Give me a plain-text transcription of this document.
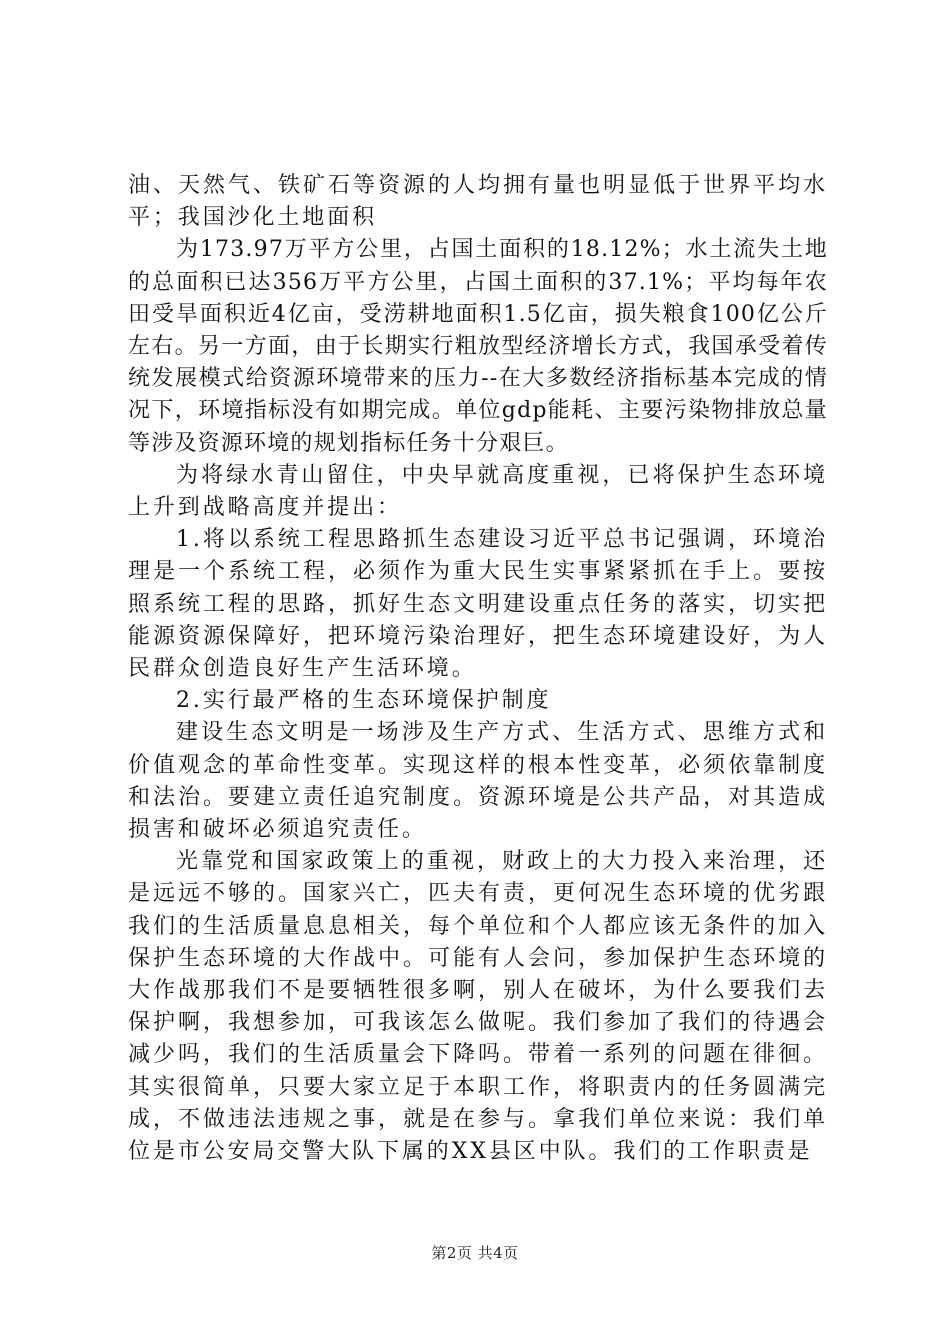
油、天然气、铁矿石等资源的人均拥有量也明显低于世界平均水平；我国沙化土地面积

为173.97万平方公里，占国土面积的18.12%；水土流失土地的总面积已达356万平方公里，占国土面积的37.1%；平均每年农田受旱面积近4亿亩，受涝耕地面积1.5亿亩，损失粮食100亿公斤左右。另一方面，由于长期实行粗放型经济增长方式，我国承受着传统发展模式给资源环境带来的压力--在大多数经济指标基本完成的情况下，环境指标没有如期完成。单位gdp能耗、主要污染物排放总量等涉及资源环境的规划指标任务十分艰巨。

为将绿水青山留住，中央早就高度重视，已将保护生态环境上升到战略高度并提出：

1.将以系统工程思路抓生态建设习近平总书记强调，环境治理是一个系统工程，必须作为重大民生实事紧紧抓在手上。要按照系统工程的思路，抓好生态文明建设重点任务的落实，切实把能源资源保障好，把环境污染治理好，把生态环境建设好，为人民群众创造良好生产生活环境。

2.实行最严格的生态环境保护制度

建设生态文明是一场涉及生产方式、生活方式、思维方式和价值观念的革命性变革。实现这样的根本性变革，必须依靠制度和法治。要建立责任追究制度。资源环境是公共产品，对其造成损害和破坏必须追究责任。

光靠党和国家政策上的重视，财政上的大力投入来治理，还是远远不够的。国家兴亡，匹夫有责，更何况生态环境的优劣跟我们的生活质量息息相关，每个单位和个人都应该无条件的加入保护生态环境的大作战中。可能有人会问，参加保护生态环境的大作战那我们不是要牺牲很多啊，别人在破坏，为什么要我们去保护啊，我想参加，可我该怎么做呢。我们参加了我们的待遇会减少吗，我们的生活质量会下降吗。带着一系列的问题在徘徊。其实很简单，只要大家立足于本职工作，将职责内的任务圆满完成，不做违法违规之事，就是在参与。拿我们单位来说：我们单位是市公安局交警大队下属的XX县区中队。我们的工作职责是

第2页 共4页
